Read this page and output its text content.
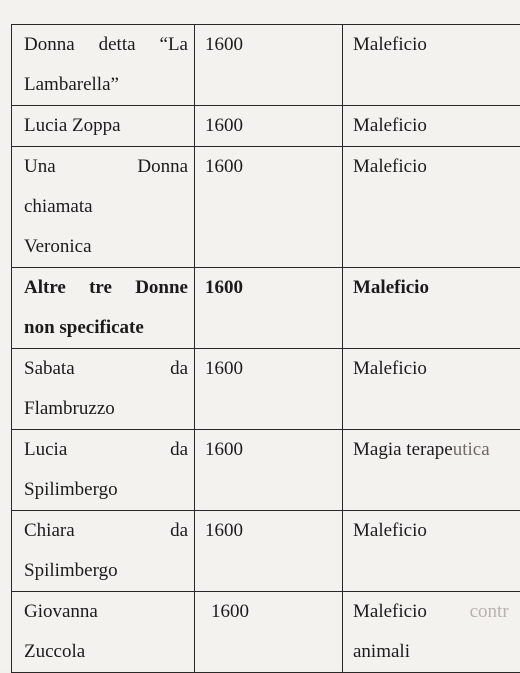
Donna detta “La
Lambarella”	1600	Maleficio

Lucia Zoppa	1600	Maleficio

Una Donna
chiamata
Veronica	1600	Maleficio

Altre tre Donne
non specificate	1600	Maleficio

Sabata da
Flambruzzo	1600	Maleficio

Lucia da
Spilimbergo	1600	Magia terapeutica

Chiara da
Spilimbergo	1600	Maleficio

Giovanna
Zuccola	1600	Maleficio contr
animali
